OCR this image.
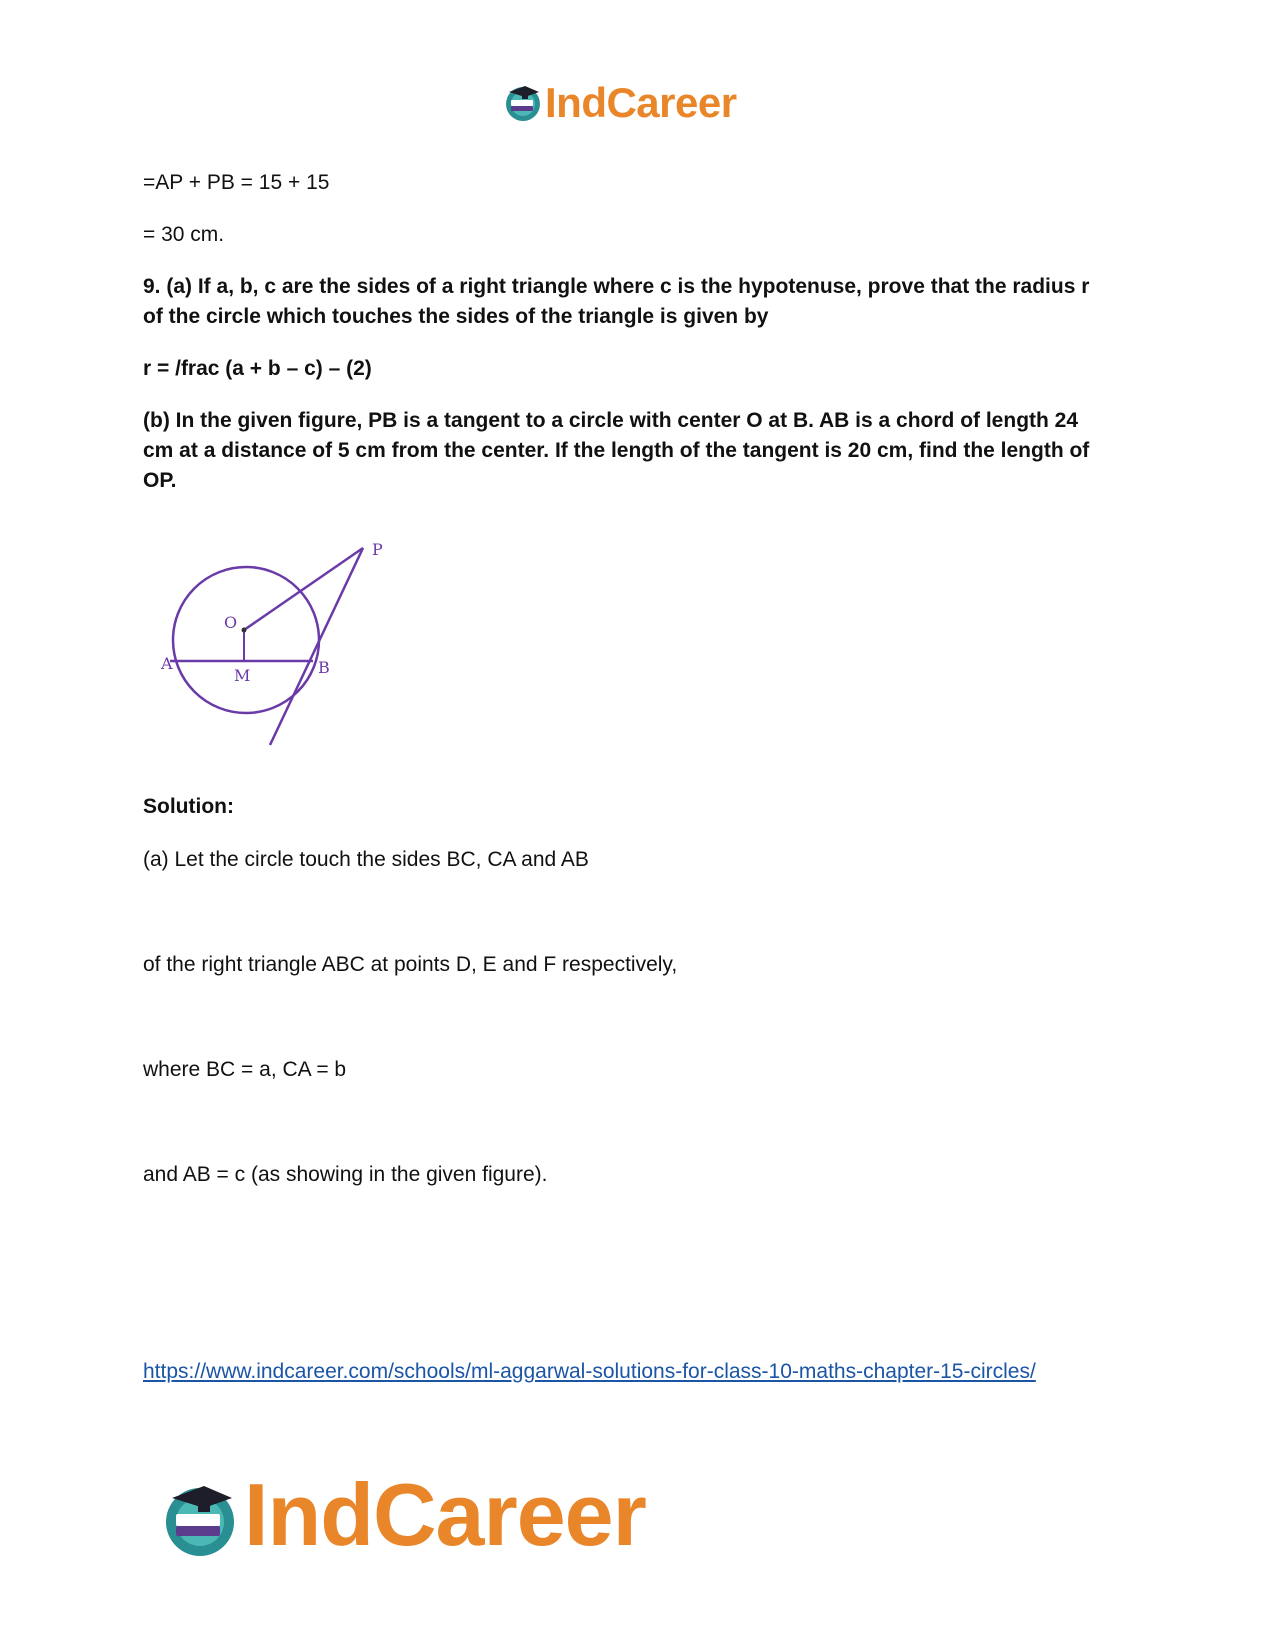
IndCareer
=AP + PB = 15 + 15
= 30 cm.
9. (a) If a, b, c are the sides of a right triangle where c is the hypotenuse, prove that the radius r of the circle which touches the sides of the triangle is given by
r = /frac (a + b – c) – (2)
(b) In the given figure, PB is a tangent to a circle with center O at B. AB is a chord of length 24 cm at a distance of 5 cm from the center. If the length of the tangent is 20 cm, find the length of OP.
P
O
A
M	B
Solution:
(a) Let the circle touch the sides BC, CA and AB
of the right triangle ABC at points D, E and F respectively,
where BC = a, CA = b
and AB = c (as showing in the given figure).
https://www.indcareer.com/schools/ml-aggarwal-solutions-for-class-10-maths-chapter-15-circles/
IndCareer
